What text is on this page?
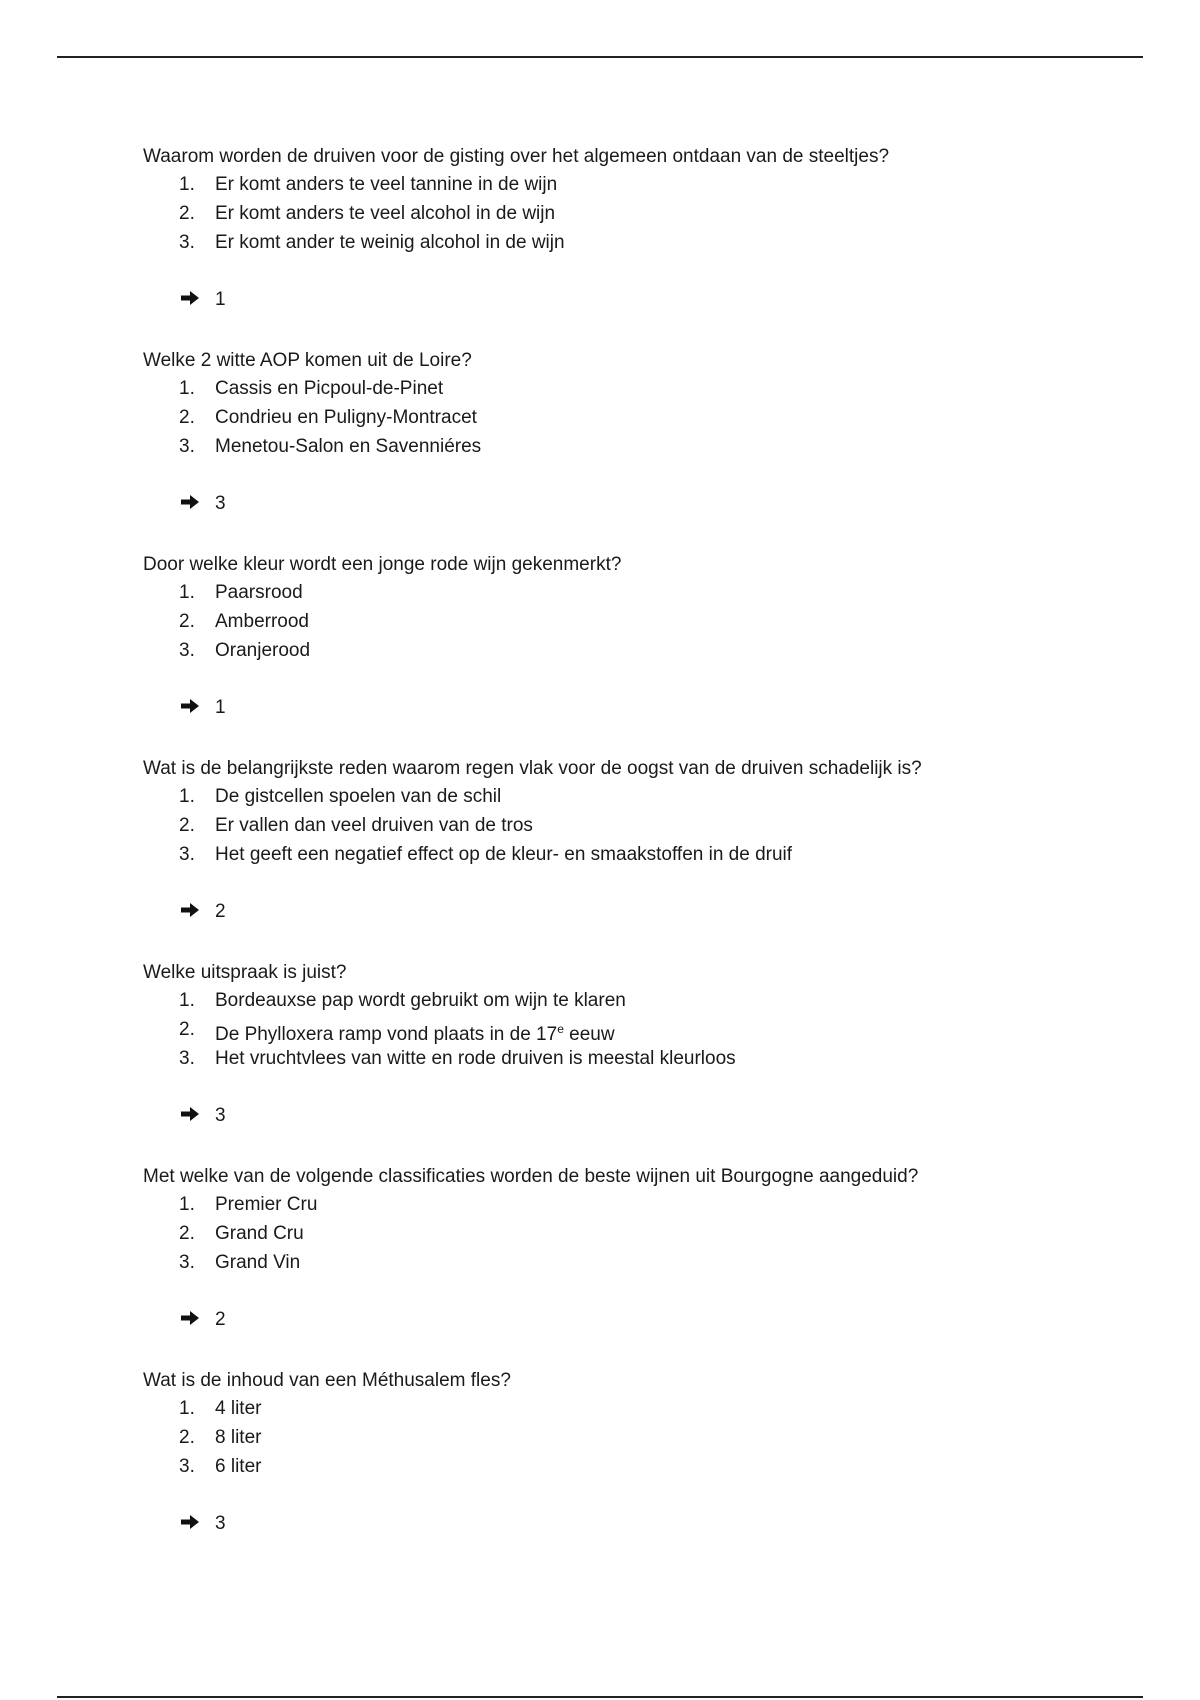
Waarom worden de druiven voor de gisting over het algemeen ontdaan van de steeltjes?
1.	Er komt anders te veel tannine in de wijn
2.	Er komt anders te veel alcohol in de wijn
3.	Er komt ander te weinig alcohol in de wijn
1
Welke 2 witte AOP komen uit de Loire?
1.	Cassis en Picpoul-de-Pinet
2.	Condrieu en Puligny-Montracet
3.	Menetou-Salon en Savenniéres
3
Door welke kleur wordt een jonge rode wijn gekenmerkt?
1.	Paarsrood
2.	Amberrood
3.	Oranjerood
1
Wat is de belangrijkste reden waarom regen vlak voor de oogst van de druiven schadelijk is?
1.	De gistcellen spoelen van de schil
2.	Er vallen dan veel druiven van de tros
3.	Het geeft een negatief effect op de kleur- en smaakstoffen in de druif
2
Welke uitspraak is juist?
1.	Bordeauxse pap wordt gebruikt om wijn te klaren
2.	De Phylloxera ramp vond plaats in de 17e eeuw
3.	Het vruchtvlees van witte en rode druiven is meestal kleurloos
3
Met welke van de volgende classificaties worden de beste wijnen uit Bourgogne aangeduid?
1.	Premier Cru
2.	Grand Cru
3.	Grand Vin
2
Wat is de inhoud van een Méthusalem fles?
1.	4 liter
2.	8 liter
3.	6 liter
3
